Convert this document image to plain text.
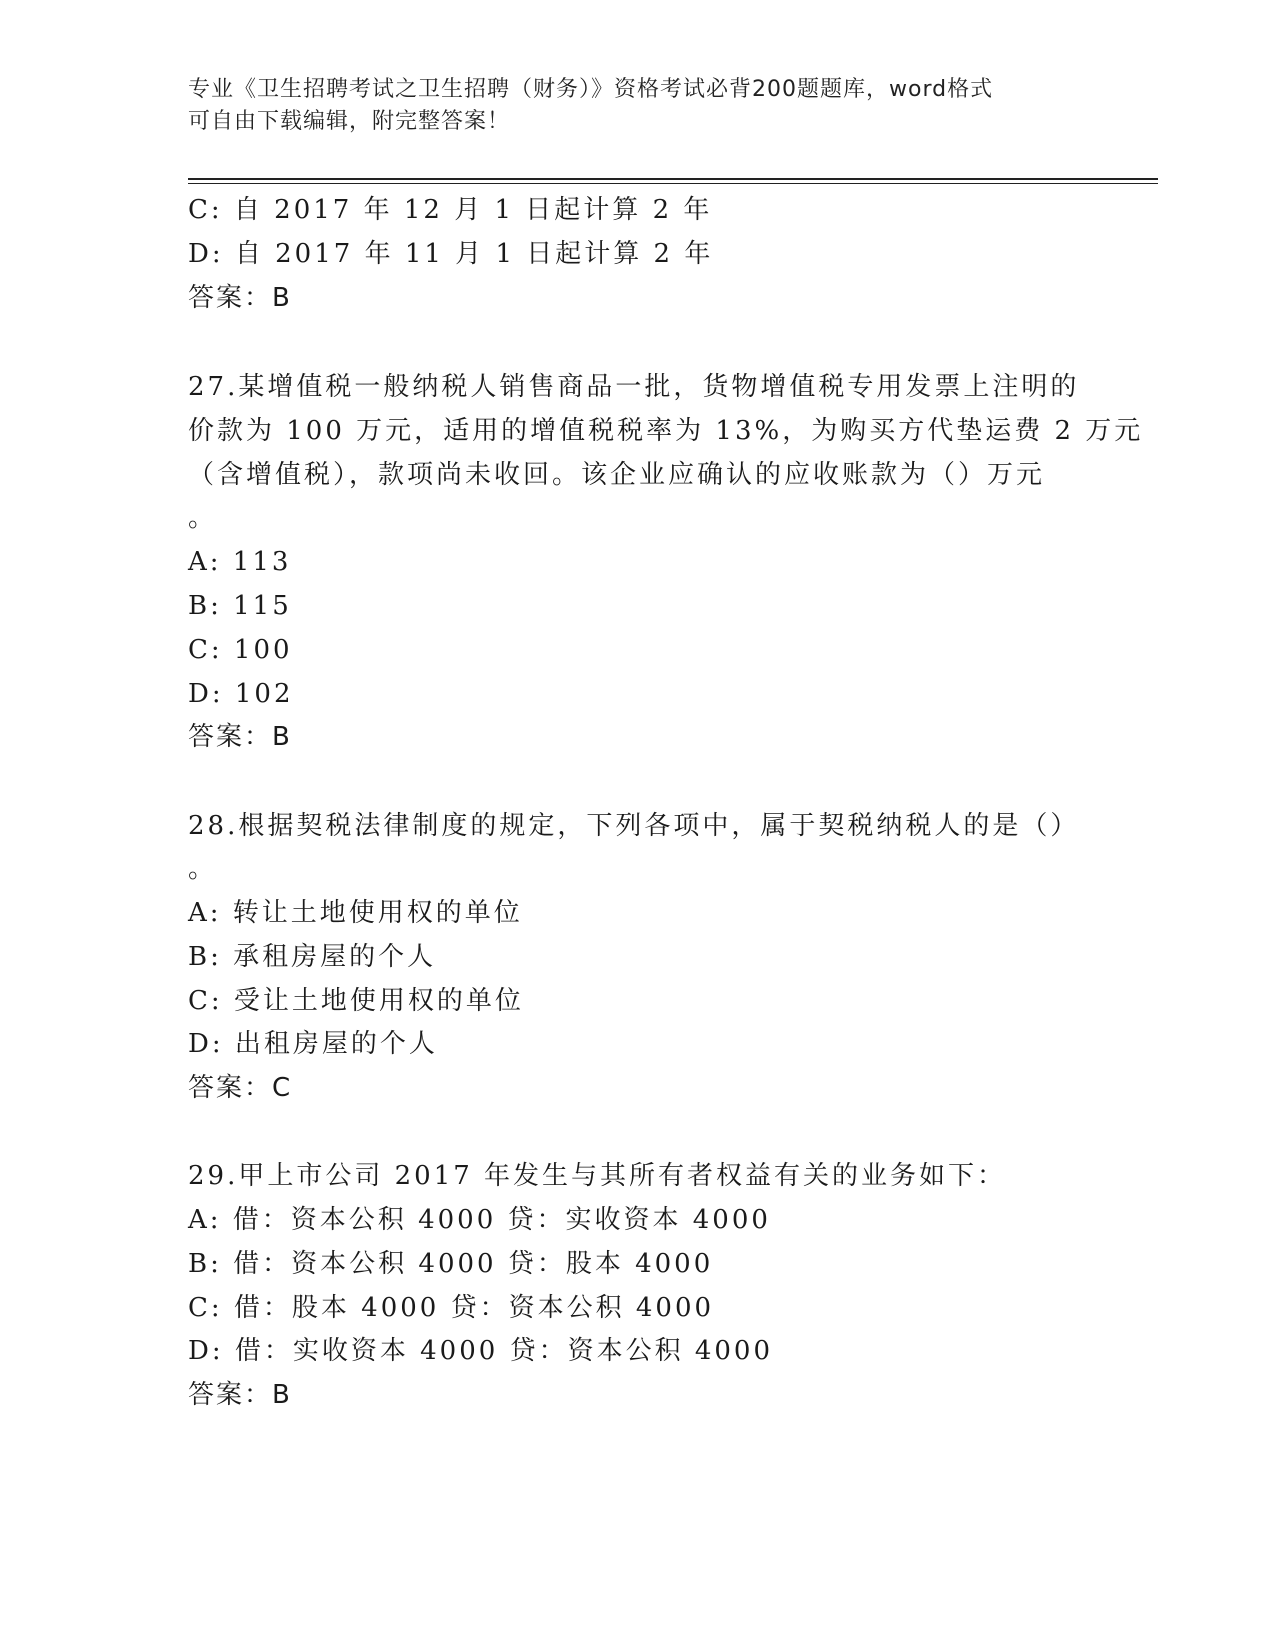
专业《卫生招聘考试之卫生招聘（财务）》资格考试必背200题题库，word格式
可自由下载编辑，附完整答案！
C: 自 2017 年 12 月 1 日起计算 2 年
D: 自 2017 年 11 月 1 日起计算 2 年
答案：B
27.某增值税一般纳税人销售商品一批，货物增值税专用发票上注明的
价款为 100 万元，适用的增值税税率为 13%，为购买方代垫运费 2 万元
（含增值税），款项尚未收回。该企业应确认的应收账款为（）万元
。
A: 113
B: 115
C: 100
D: 102
答案：B
28.根据契税法律制度的规定，下列各项中，属于契税纳税人的是（）
。
A: 转让土地使用权的单位
B: 承租房屋的个人
C: 受让土地使用权的单位
D: 出租房屋的个人
答案：C
29.甲上市公司 2017 年发生与其所有者权益有关的业务如下：
A: 借：资本公积 4000 贷：实收资本 4000
B: 借：资本公积 4000 贷：股本 4000
C: 借：股本 4000 贷：资本公积 4000
D: 借：实收资本 4000 贷：资本公积 4000
答案：B
